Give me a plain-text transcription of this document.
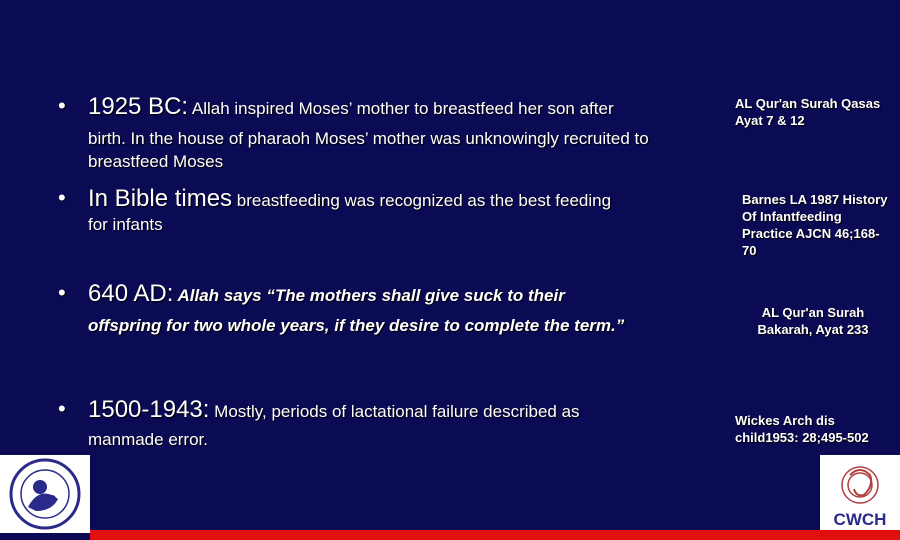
• 1925 BC: Allah inspired Moses’ mother to breastfeed her son after
birth. In the house of pharaoh Moses’ mother was unknowingly recruited to breastfeed Moses
• In Bible times breastfeeding was recognized as the best feeding
for infants
• 640 AD: Allah says “The mothers shall give suck to their
offspring for two whole years, if they desire to complete the term.”
• 1500-1943: Mostly, periods of lactational failure described as
manmade error.
AL Qur'an Surah Qasas Ayat 7 & 12
Barnes LA 1987 History Of Infantfeeding Practice AJCN 46;168-70
AL Qur'an Surah Bakarah, Ayat 233
Wickes Arch dis child1953: 28;495-502
CWCH
